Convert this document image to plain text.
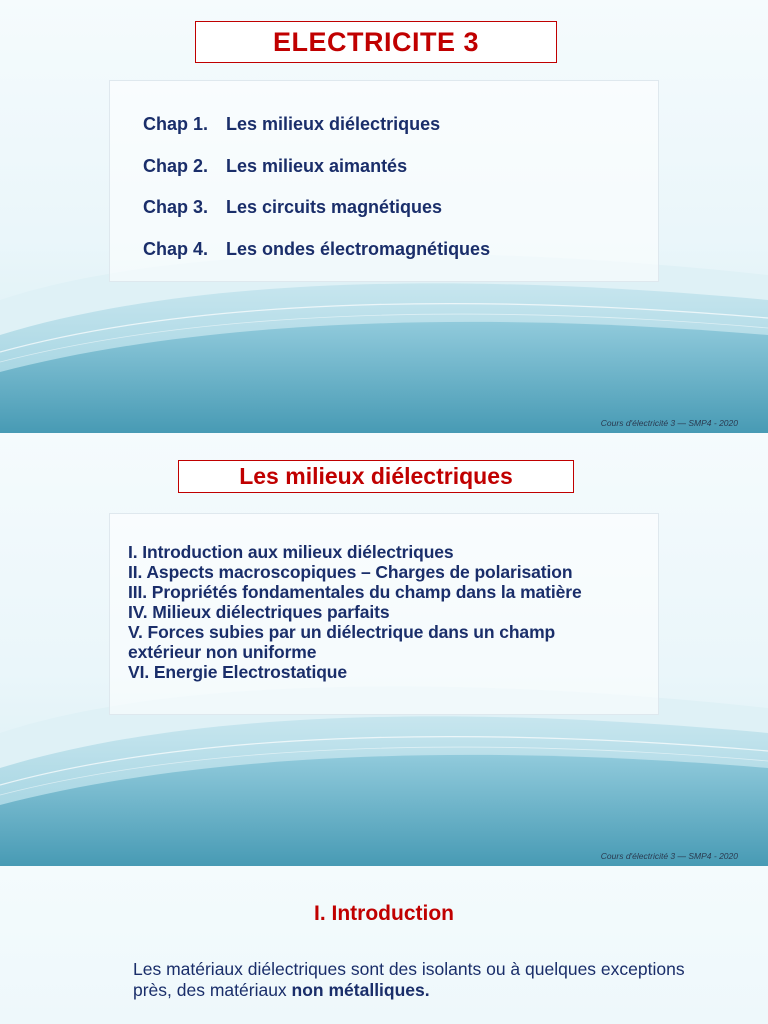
ELECTRICITE 3
Chap 1. Les milieux diélectriques
Chap 2. Les milieux aimantés
Chap 3. Les circuits magnétiques
Chap 4. Les ondes électromagnétiques
Cours d'électricité 3 — SMP4 - 2020
Les milieux diélectriques
I. Introduction aux milieux diélectriques
II. Aspects macroscopiques – Charges de polarisation
III. Propriétés fondamentales du champ dans la matière
IV. Milieux diélectriques parfaits
V. Forces subies par un diélectrique dans un champ
extérieur non uniforme
VI. Energie Electrostatique
Cours d'électricité 3 — SMP4 - 2020
I. Introduction
Les matériaux diélectriques sont des isolants ou à quelques exceptions près, des matériaux non métalliques.
